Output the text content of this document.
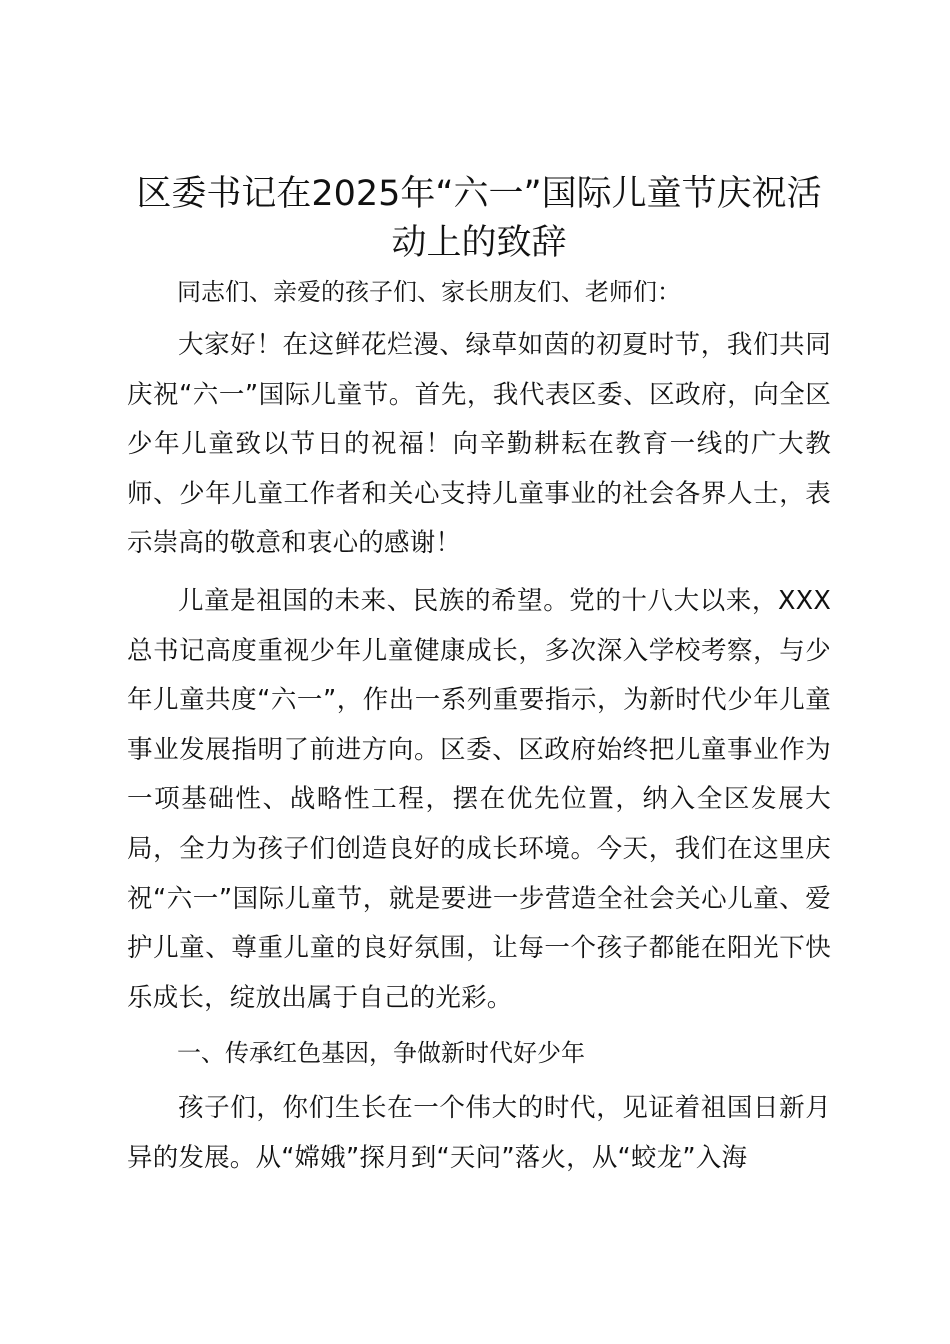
区委书记在2025年“六一”国际儿童节庆祝活动上的致辞

同志们、亲爱的孩子们、家长朋友们、老师们：

大家好！在这鲜花烂漫、绿草如茵的初夏时节，我们共同庆祝“六一”国际儿童节。首先，我代表区委、区政府，向全区少年儿童致以节日的祝福！向辛勤耕耘在教育一线的广大教师、少年儿童工作者和关心支持儿童事业的社会各界人士，表示崇高的敬意和衷心的感谢！

儿童是祖国的未来、民族的希望。党的十八大以来，XXX总书记高度重视少年儿童健康成长，多次深入学校考察，与少年儿童共度“六一”，作出一系列重要指示，为新时代少年儿童事业发展指明了前进方向。区委、区政府始终把儿童事业作为一项基础性、战略性工程，摆在优先位置，纳入全区发展大局，全力为孩子们创造良好的成长环境。今天，我们在这里庆祝“六一”国际儿童节，就是要进一步营造全社会关心儿童、爱护儿童、尊重儿童的良好氛围，让每一个孩子都能在阳光下快乐成长，绽放出属于自己的光彩。

一、传承红色基因，争做新时代好少年

孩子们，你们生长在一个伟大的时代，见证着祖国日新月异的发展。从“嫦娥”探月到“天问”落火，从“蛟龙”入海
